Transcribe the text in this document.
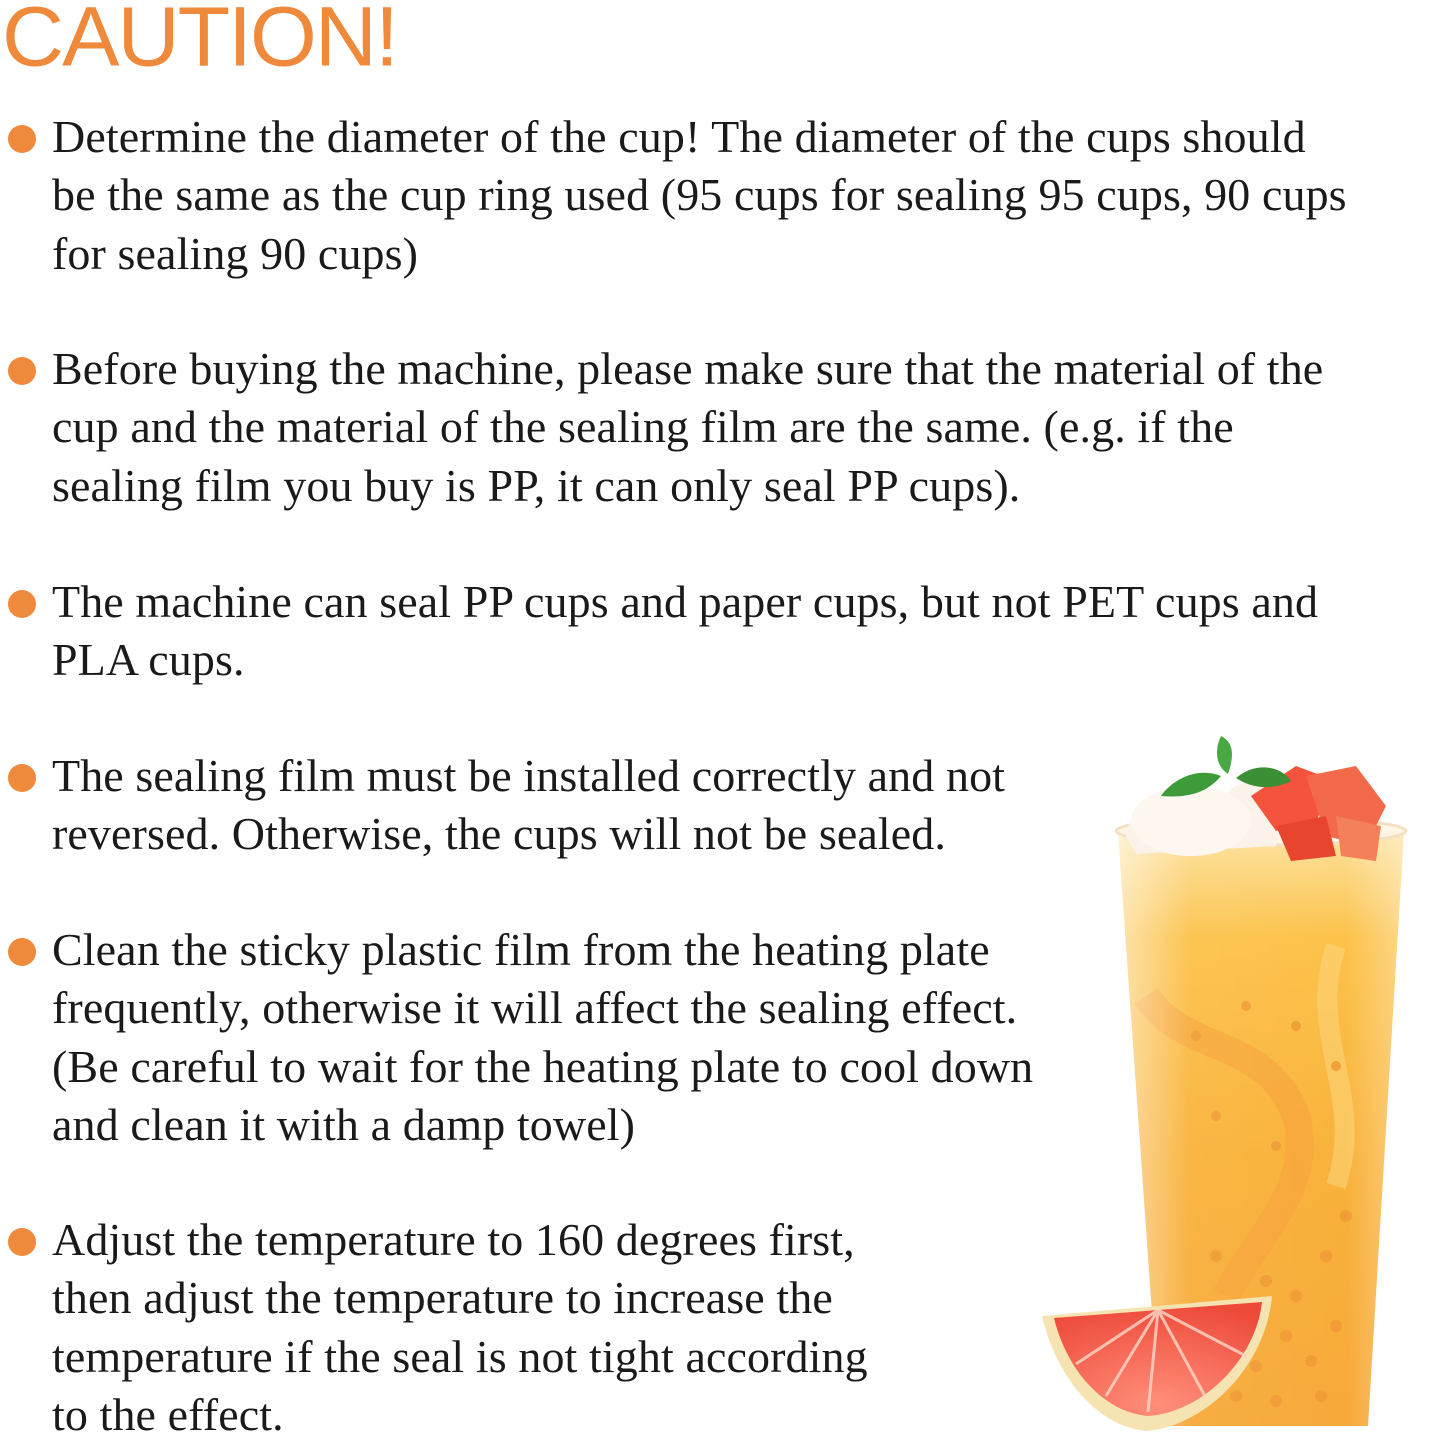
CAUTION!

Determine the diameter of the cup! The diameter of the cups should
be the same as the cup ring used (95 cups for sealing 95 cups, 90 cups
for sealing 90 cups)

Before buying the machine, please make sure that the material of the
cup and the material of the sealing film are the same. (e.g. if the
sealing film you buy is PP, it can only seal PP cups).

The machine can seal PP cups and paper cups, but not PET cups and
PLA cups.

The sealing film must be installed correctly and not
reversed. Otherwise, the cups will not be sealed.

Clean the sticky plastic film from the heating plate
frequently, otherwise it will affect the sealing effect.
(Be careful to wait for the heating plate to cool down
and clean it with a damp towel)

Adjust the temperature to 160 degrees first,
then adjust the temperature to increase the
temperature if the seal is not tight according
to the effect.
